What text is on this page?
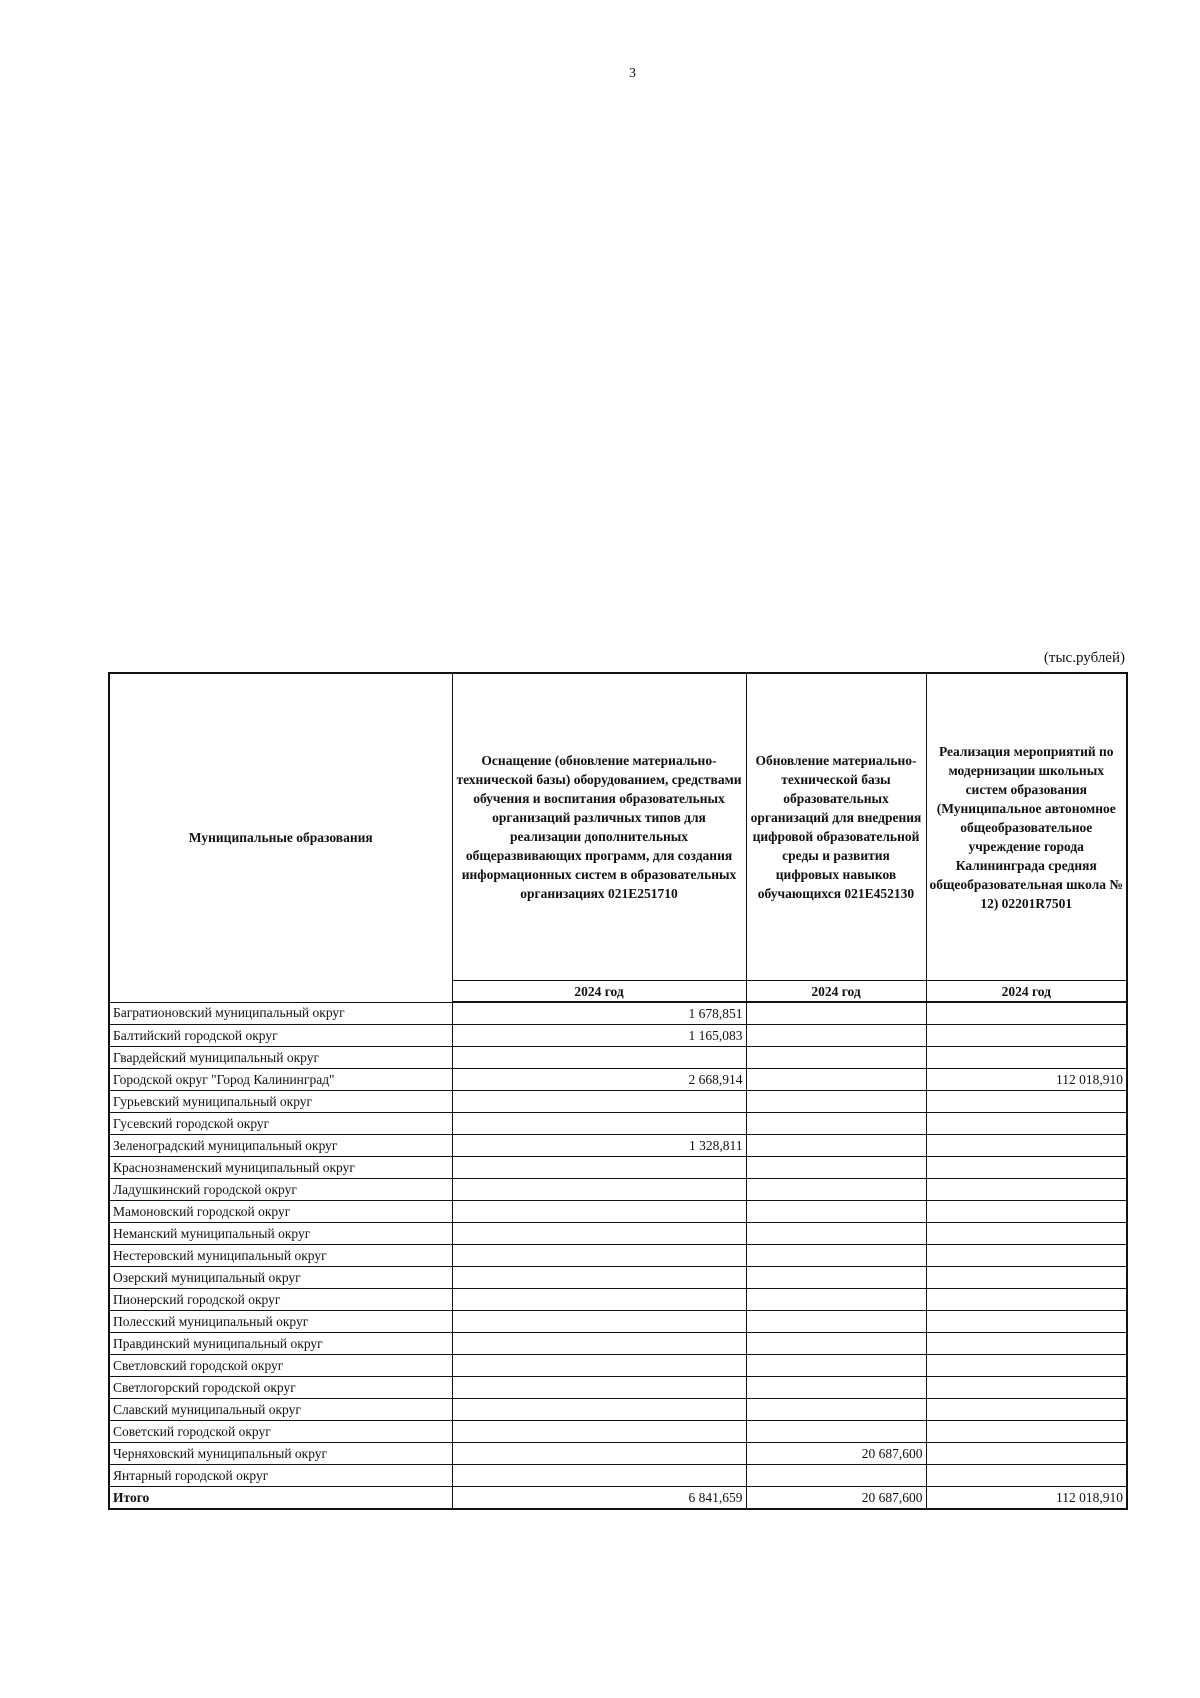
3
(тыс.рублей)
Муниципальные образования	Оснащение (обновление материально-технической базы) оборудованием, средствами обучения и воспитания образовательных организаций различных типов для реализации дополнительных общеразвивающих программ, для создания информационных систем в образовательных организациях 021E251710	Обновление материально-технической базы образовательных организаций для внедрения цифровой образовательной среды и развития цифровых навыков обучающихся 021E452130	Реализация мероприятий по модернизации школьных систем образования (Муниципальное автономное общеобразовательное учреждение города Калининграда средняя общеобразовательная школа № 12) 02201R7501
	2024 год	2024 год	2024 год
Багратионовский муниципальный округ	1 678,851		
Балтийский городской округ	1 165,083		
Гвардейский муниципальный округ			
Городской округ "Город Калининград"	2 668,914		112 018,910
Гурьевский муниципальный округ			
Гусевский городской округ			
Зеленоградский муниципальный округ	1 328,811		
Краснознаменский муниципальный округ			
Ладушкинский городской округ			
Мамоновский городской округ			
Неманский муниципальный округ			
Нестеровский муниципальный округ			
Озерский муниципальный округ			
Пионерский городской округ			
Полесский муниципальный округ			
Правдинский муниципальный округ			
Светловский городской округ			
Светлогорский городской округ			
Славский муниципальный округ			
Советский городской округ			
Черняховский муниципальный округ		20 687,600	
Янтарный городской округ			
Итого	6 841,659	20 687,600	112 018,910
